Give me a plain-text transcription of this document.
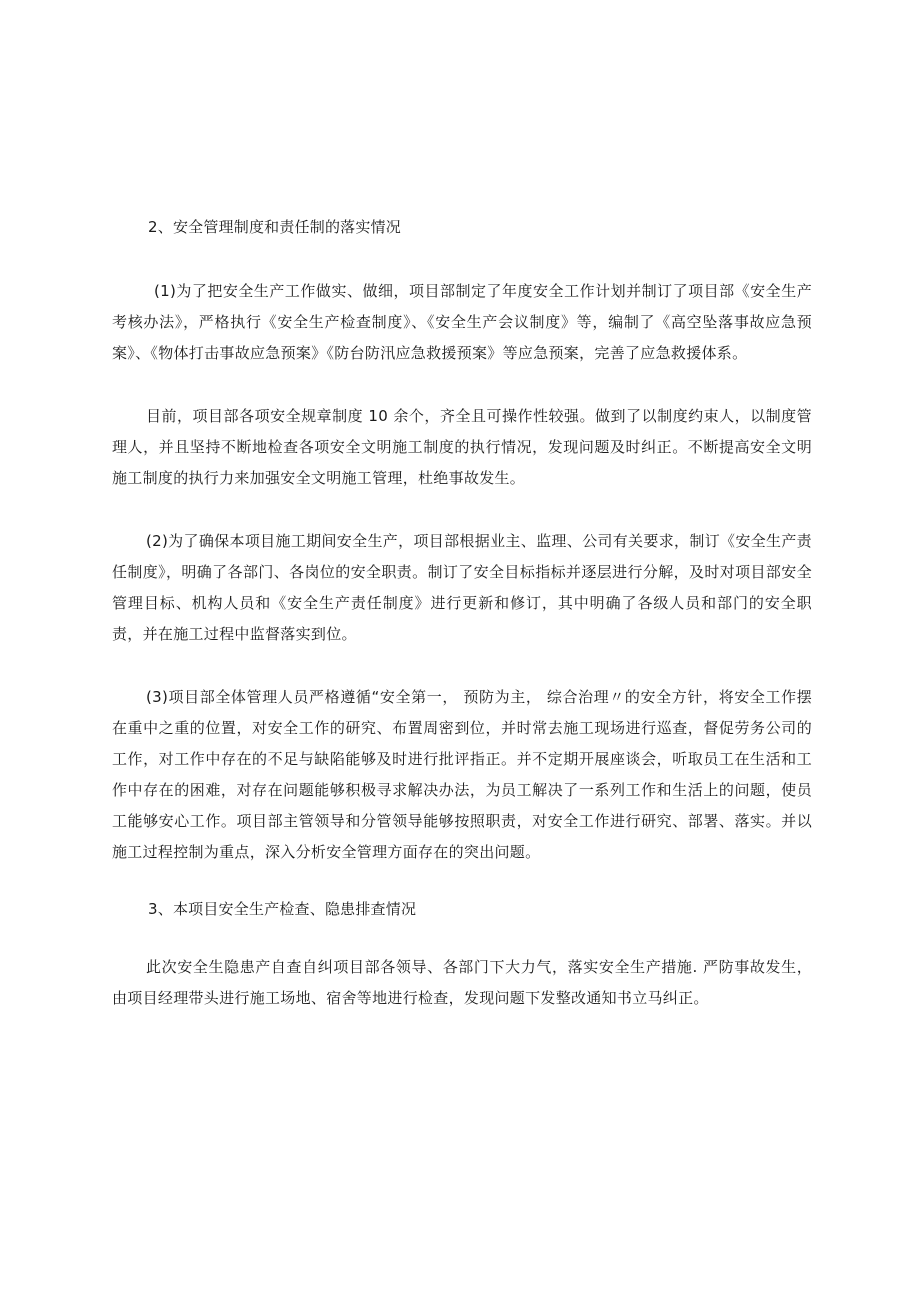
2、安全管理制度和责任制的落实情况

(1)为了把安全生产工作做实、做细，项目部制定了年度安全工作计划并制订了项目部《安全生产考核办法》，严格执行《安全生产检查制度》、《安全生产会议制度》等，编制了《高空坠落事故应急预案》、《物体打击事故应急预案》《防台防汛应急救援预案》等应急预案，完善了应急救援体系。

目前，项目部各项安全规章制度 10 余个，齐全且可操作性较强。做到了以制度约束人，以制度管理人，并且坚持不断地检查各项安全文明施工制度的执行情况，发现问题及时纠正。不断提高安全文明施工制度的执行力来加强安全文明施工管理，杜绝事故发生。

(2)为了确保本项目施工期间安全生产，项目部根据业主、监理、公司有关要求，制订《安全生产责任制度》，明确了各部门、各岗位的安全职责。制订了安全目标指标并逐层进行分解，及时对项目部安全管理目标、机构人员和《安全生产责任制度》进行更新和修订，其中明确了各级人员和部门的安全职责，并在施工过程中监督落实到位。

(3)项目部全体管理人员严格遵循“安全第一， 预防为主， 综合治理〃的安全方针，将安全工作摆在重中之重的位置，对安全工作的研究、布置周密到位，并时常去施工现场进行巡查，督促劳务公司的工作，对工作中存在的不足与缺陷能够及时进行批评指正。并不定期开展座谈会，听取员工在生活和工作中存在的困难，对存在问题能够积极寻求解决办法，为员工解决了一系列工作和生活上的问题，使员工能够安心工作。项目部主管领导和分管领导能够按照职责，对安全工作进行研究、部署、落实。并以施工过程控制为重点，深入分析安全管理方面存在的突出问题。

3、本项目安全生产检查、隐患排查情况

此次安全生隐患产自查自纠项目部各领导、各部门下大力气，落实安全生产措施. 严防事故发生，由项目经理带头进行施工场地、宿舍等地进行检查，发现问题下发整改通知书立马纠正。
